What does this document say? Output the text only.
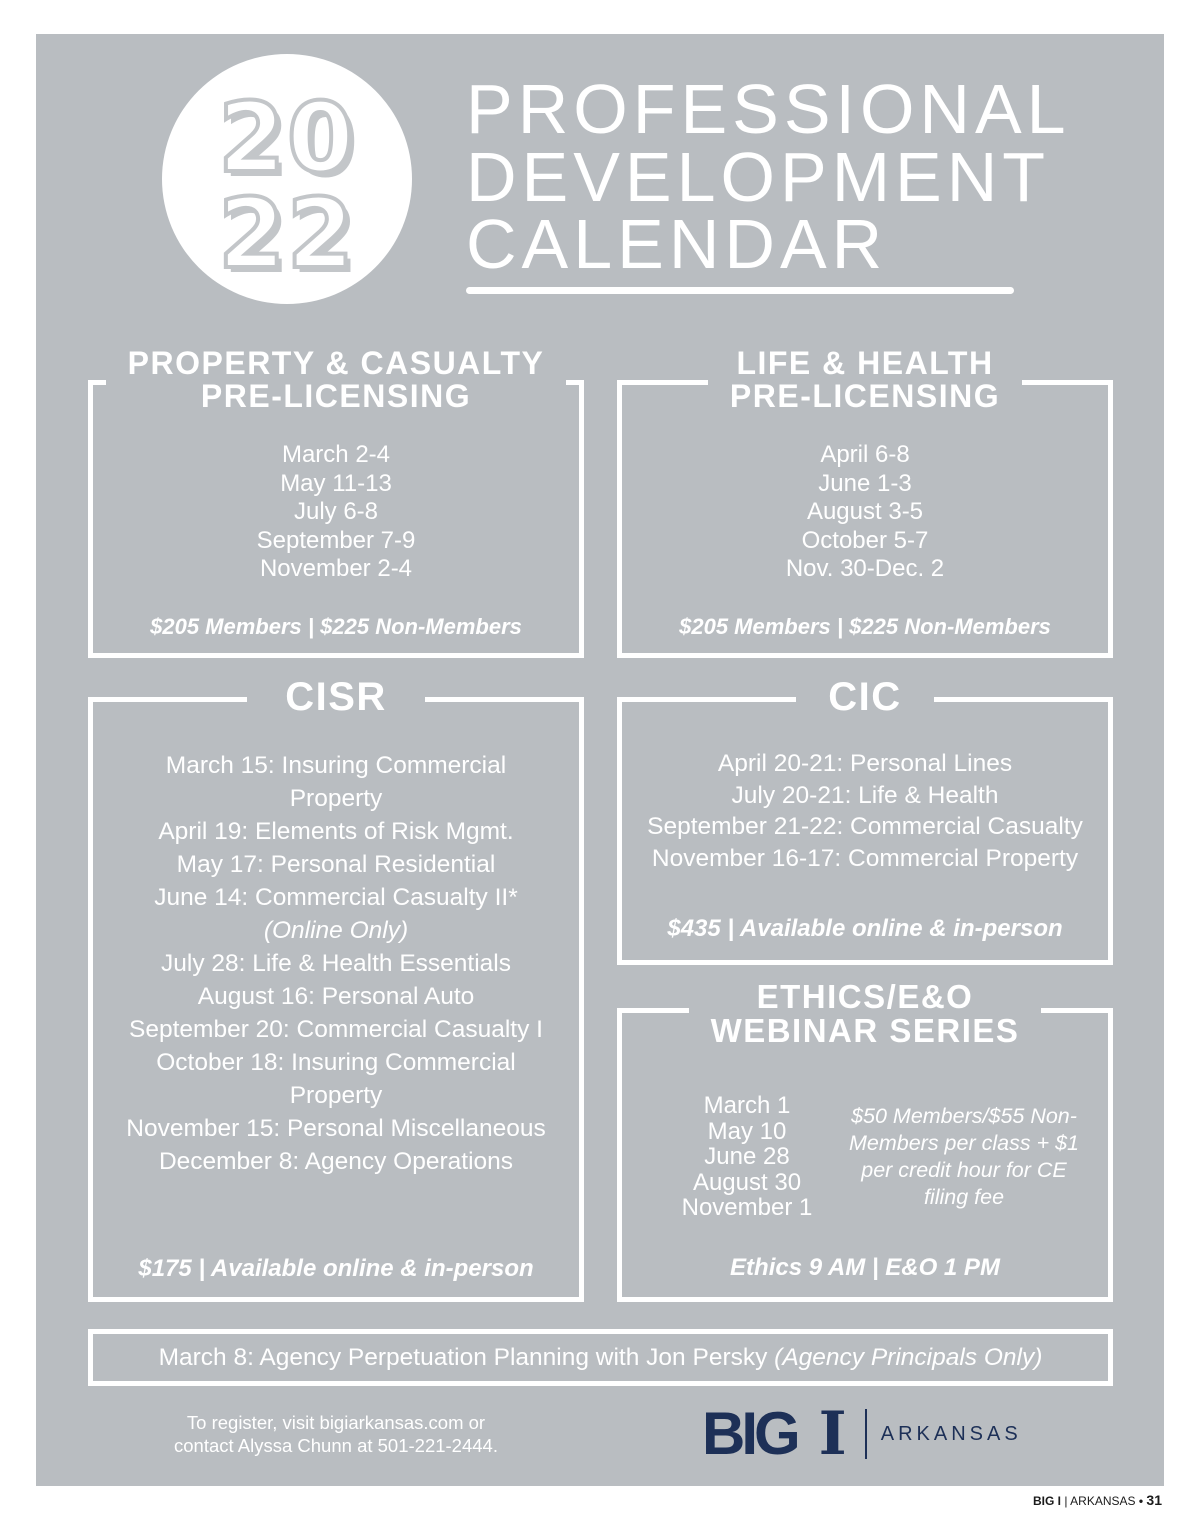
20
22
PROFESSIONAL
DEVELOPMENT
CALENDAR
PROPERTY & CASUALTY
PRE-LICENSING
March 2-4
May 11-13
July 6-8
September 7-9
November 2-4
$205 Members | $225 Non-Members
LIFE & HEALTH
PRE-LICENSING
April 6-8
June 1-3
August 3-5
October 5-7
Nov. 30-Dec. 2
$205 Members | $225 Non-Members
CISR
March 15: Insuring Commercial
Property
April 19: Elements of Risk Mgmt.
May 17: Personal Residential
June 14: Commercial Casualty II*
(Online Only)
July 28: Life & Health Essentials
August 16: Personal Auto
September 20: Commercial Casualty I
October 18: Insuring Commercial
Property
November 15: Personal Miscellaneous
December 8: Agency Operations
$175 | Available online & in-person
CIC
April 20-21: Personal Lines
July 20-21: Life & Health
September 21-22: Commercial Casualty
November 16-17: Commercial Property
$435 | Available online & in-person
ETHICS/E&O
WEBINAR SERIES
March 1
May 10
June 28
August 30
November 1
$50 Members/$55 Non-Members per class + $1 per credit hour for CE filing fee
Ethics 9 AM | E&O 1 PM
March 8: Agency Perpetuation Planning with Jon Persky (Agency Principals Only)
To register, visit bigiarkansas.com or
contact Alyssa Chunn at 501-221-2444.	BIG I ARKANSAS
BIG I | ARKANSAS • 31
